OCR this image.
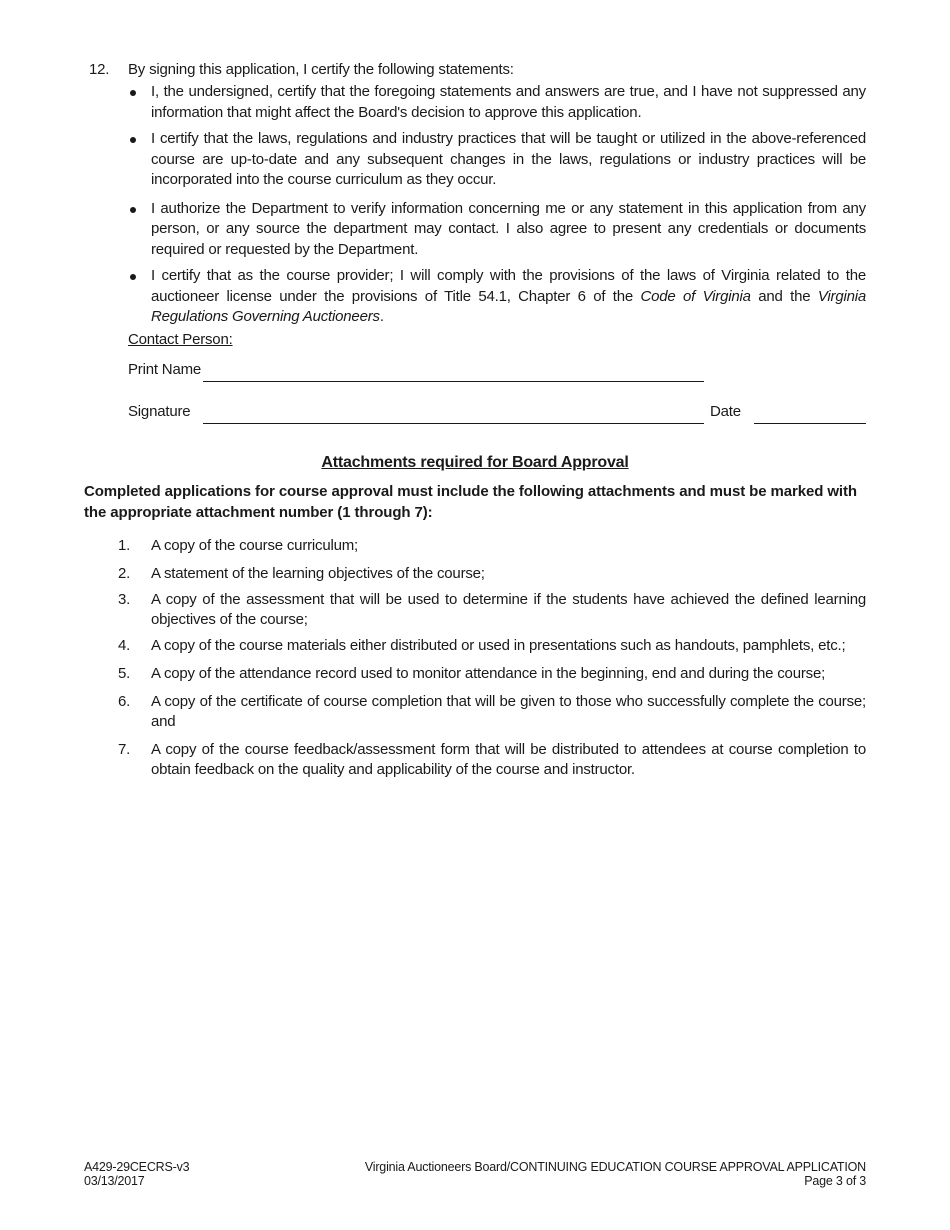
12.	By signing this application, I certify the following statements:
I, the undersigned, certify that the foregoing statements and answers are true, and I have not suppressed any information that might affect the Board's decision to approve this application.
I certify that the laws, regulations and industry practices that will be taught or utilized in the above-referenced course are up-to-date and any subsequent changes in the laws, regulations or industry practices will be incorporated into the course curriculum as they occur.
I authorize the Department to verify information concerning me or any statement in this application from any person, or any source the department may contact. I also agree to present any credentials or documents required or requested by the Department.
I certify that as the course provider; I will comply with the provisions of the laws of Virginia related to the auctioneer license under the provisions of Title 54.1, Chapter 6 of the Code of Virginia and the Virginia Regulations Governing Auctioneers.
Contact Person:
Print Name
Signature	Date
Attachments required for Board Approval
Completed applications for course approval must include the following attachments and must be marked with the appropriate attachment number (1 through 7):
1.	A copy of the course curriculum;
2.	A statement of the learning objectives of the course;
3.	A copy of the assessment that will be used to determine if the students have achieved the defined learning objectives of the course;
4.	A copy of the course materials either distributed or used in presentations such as handouts, pamphlets, etc.;
5.	A copy of the attendance record used to monitor attendance in the beginning, end and during the course;
6.	A copy of the certificate of course completion that will be given to those who successfully complete the course; and
7.	A copy of the course feedback/assessment form that will be distributed to attendees at course completion to obtain feedback on the quality and applicability of the course and instructor.
A429-29CECRS-v3
03/13/2017
Virginia Auctioneers Board/CONTINUING EDUCATION COURSE APPROVAL APPLICATION
Page 3 of 3
